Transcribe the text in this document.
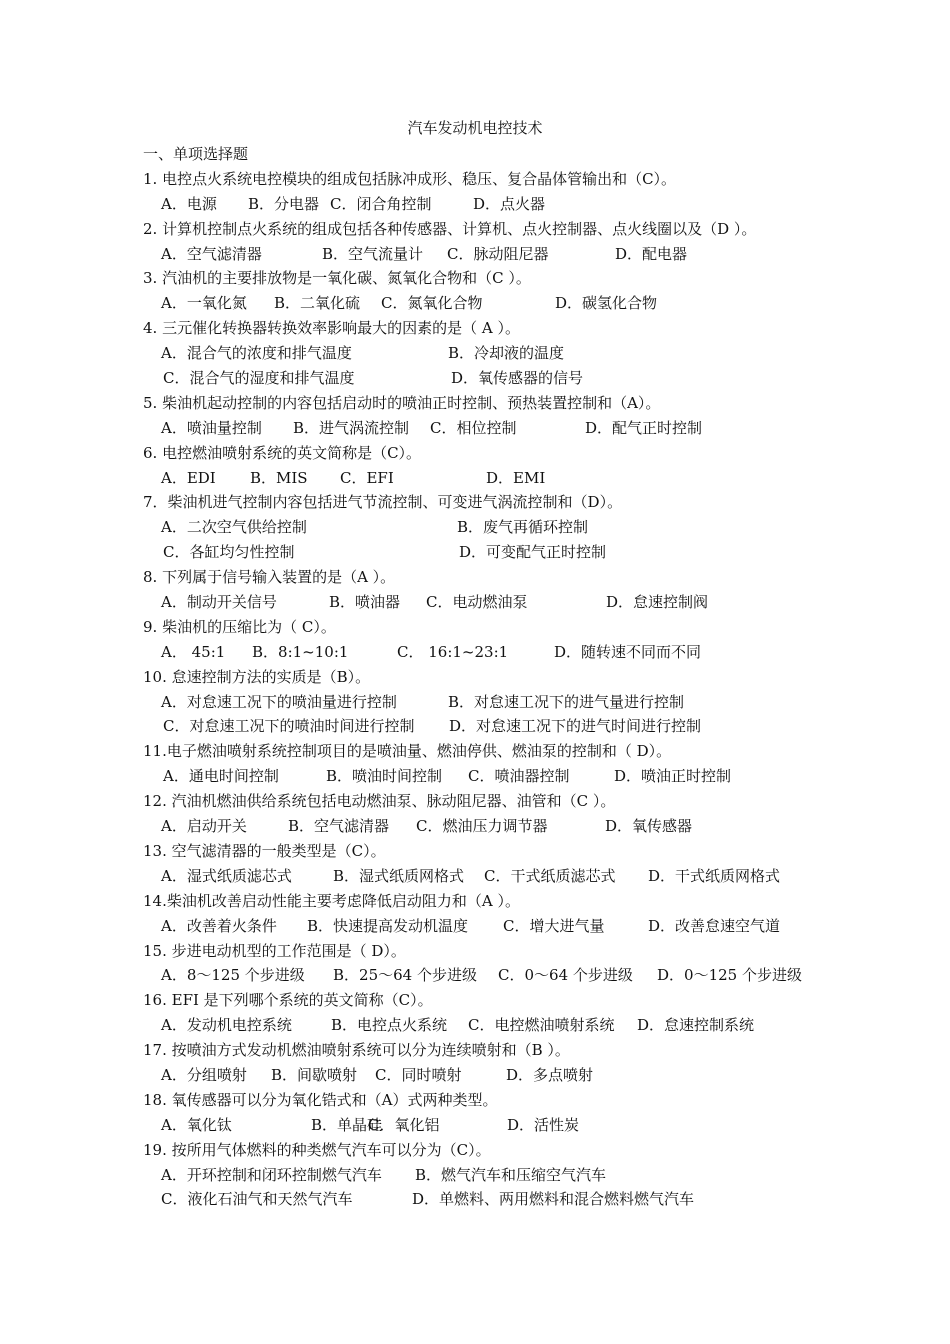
汽车发动机电控技术
一、单项选择题
1. 电控点火系统电控模块的组成包括脉冲成形、稳压、复合晶体管输出和（C）。
A．电源 B．分电器 C．闭合角控制	D．点火器
2. 计算机控制点火系统的组成包括各种传感器、计算机、点火控制器、点火线圈以及（D ）。
A．空气滤清器	B．空气流量计 C．脉动阻尼器	D．配电器
3. 汽油机的主要排放物是一氧化碳、氮氧化合物和（C ）。
A．一氧化氮 B．二氧化硫 C．氮氧化合物	D．碳氢化合物
4. 三元催化转换器转换效率影响最大的因素的是（ A ）。
A．混合气的浓度和排气温度	B．冷却液的温度
C．混合气的湿度和排气温度	D．氧传感器的信号
5. 柴油机起动控制的内容包括启动时的喷油正时控制、预热装置控制和（A）。
A．喷油量控制 B．进气涡流控制 C．相位控制	D．配气正时控制
6. 电控燃油喷射系统的英文简称是（C）。
A．EDI B．MIS C．EFI	D．EMI
7．柴油机进气控制内容包括进气节流控制、可变进气涡流控制和（D）。
A．二次空气供给控制	B．废气再循环控制
C．各缸均匀性控制	D．可变配气正时控制
8. 下列属于信号输入装置的是（A ）。
A．制动开关信号	B．喷油器 C．电动燃油泵	D．怠速控制阀
9. 柴油机的压缩比为（ C）。
A． 45:1 B．8:1~10:1	C． 16:1~23:1	D．随转速不同而不同
10. 怠速控制方法的实质是（B）。
A．对怠速工况下的喷油量进行控制	B．对怠速工况下的进气量进行控制
C．对怠速工况下的喷油时间进行控制 D．对怠速工况下的进气时间进行控制
11.电子燃油喷射系统控制项目的是喷油量、燃油停供、燃油泵的控制和（ D）。
A．通电时间控制	B．喷油时间控制 C．喷油器控制	D．喷油正时控制
12. 汽油机燃油供给系统包括电动燃油泵、脉动阻尼器、油管和（C ）。
A．启动开关	B．空气滤清器 C．燃油压力调节器	D．氧传感器
13. 空气滤清器的一般类型是（C）。
A．湿式纸质滤芯式	B．湿式纸质网格式 C．干式纸质滤芯式 D．干式纸质网格式
14.柴油机改善启动性能主要考虑降低启动阻力和（A ）。
A．改善着火条件 B．快速提高发动机温度 C．增大进气量	D．改善怠速空气道
15. 步进电动机型的工作范围是（ D）。
A．8～125 个步进级 B．25～64 个步进级 C．0～64 个步进级 D．0～125 个步进级
16. EFI 是下列哪个系统的英文简称（C）。
A．发动机电控系统	B．电控点火系统 C．电控燃油喷射系统 D．怠速控制系统
17. 按喷油方式发动机燃油喷射系统可以分为连续喷射和（B ）。
A．分组喷射 B．间歇喷射 C．同时喷射	D．多点喷射
18. 氧传感器可以分为氧化锆式和（A）式两种类型。
A．氧化钛	B．单晶硅
C．氧化铝	D．活性炭
19. 按所用气体燃料的种类燃气汽车可以分为（C）。
A．开环控制和闭环控制燃气汽车 B．燃气汽车和压缩空气汽车
C．液化石油气和天然气汽车	D．单燃料、两用燃料和混合燃料燃气汽车
